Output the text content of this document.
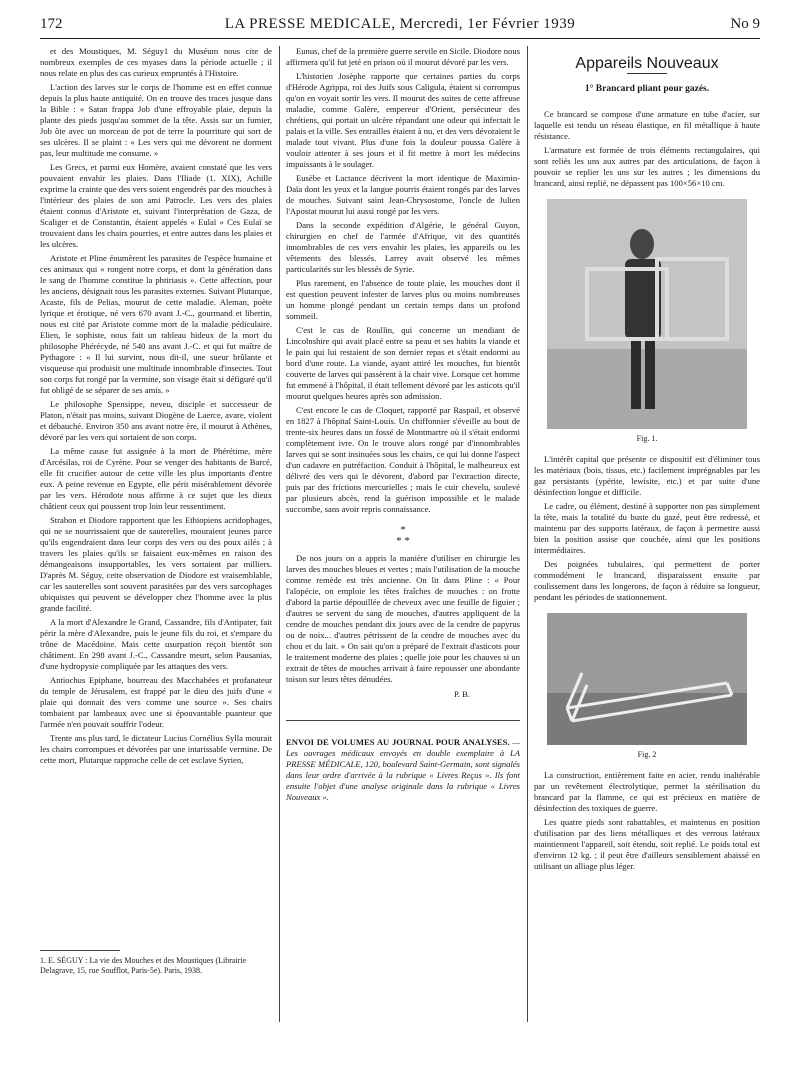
172	LA PRESSE MEDICALE, Mercredi, 1er Février 1939	No 9

et des Moustiques, M. Séguy1 du Muséum nous cite de nombreux exemples de ces myases dans la période actuelle ; il nous relate en plus des cas curieux empruntés à l'Histoire.

L'action des larves sur le corps de l'homme est en effet connue depuis la plus haute antiquité. On en trouve des traces jusque dans la Bible : « Satan frappa Job d'une effroyable plaie, depuis la plante des pieds jusqu'au sommet de la tête. Assis sur un fumier, Job ôte avec un morceau de pot de terre la pourriture qui sort de ses ulcères. Il se plaint : « Les vers qui me dévorent ne dorment pas, leur multitude me consume. »

Les Grecs, et parmi eux Homère, avaient constaté que les vers pouvaient envahir les plaies. Dans l'Iliade (1. XIX), Achille exprime la crainte que des vers soient engendrés par des mouches à l'intérieur des plaies de son ami Patrocle. Les vers des plaies étaient connus d'Aristote et, suivant l'interprétation de Gaza, de Scaliger et de Constantin, étaient appelés « Eulaï » Ces Eulaï se trouvaient dans les chairs pourries, et entre autres dans les plaies et les ulcères.

Aristote et Pline énumèrent les parasites de l'espèce humaine et ces animaux qui « rongent notre corps, et dont la génération dans le sang de l'homme constitue la phtiriasis ». Cette affection, pour les anciens, désignait tous les parasites externes. Suivant Plutarque, Acaste, fils de Pelias, mourut de cette maladie. Aleman, poète lyrique et érotique, né vers 670 avant J.-C., gourmand et libertin, nous est cité par Aristote comme mort de la maladie pédiculaire. Elien, le sophiste, nous fait un tableau hideux de la mort du philosophe Phérécyde, né 540 ans avant J.-C. et qui fut maître de Pythagore : « Il lui survint, nous dit-il, une sueur brûlante et visqueuse qui produisit une multitude innombrable d'insectes. Tout son corps fut rongé par la vermine, son visage était si défiguré qu'il fut obligé de se séparer de ses amis. »

Le philosophe Spensippe, neveu, disciple et successeur de Platon, n'était pas moins, suivant Diogène de Laerce, avare, violent et débauché. Environ 350 ans avant notre ère, il mourut à Athènes, dévoré par les vers qui sortaient de son corps.

La même cause fut assignée à la mort de Phérétime, mère d'Arcésilas, roi de Cyrène. Pour se venger des habitants de Barcé, elle fit crucifier autour de cette ville les plus importants d'entre eux. A peine revenue en Egypte, elle périt misérablement dévorée par les vers. Hérodote nous affirme à ce sujet que les dieux châtient ceux qui poussent trop loin leur ressentiment.

Strabon et Diodore rapportent que les Ethiopiens acridophages, qui ne se nourrissaient que de sauterelles, mouraient jeunes parce qu'ils engendraient dans leur corps des vers ou des poux ailés ; à travers les plaies qu'ils se faisaient eux-mêmes en raison des démangeaisons insupportables, les vers sortaient par milliers. D'après M. Séguy, cette observation de Diodore est vraisemblable, car les sauterelles sont souvent parasitées par des vers sarcophages ubiquistes qui peuvent se développer chez l'homme avec la plus grande facilité.

A la mort d'Alexandre le Grand, Cassandre, fils d'Antipater, fait périr la mère d'Alexandre, puis le jeune fils du roi, et s'empare du trône de Macédoine. Mais cette usurpation reçoit bientôt son châtiment. En 298 avant J.-C., Cassandre meurt, selon Pausanias, d'une hydropysie compliquée par les attaques des vers.

Antiochus Epiphane, bourreau des Macchabées et profanateur du temple de Jérusalem, est frappé par le dieu des juifs d'une « plaie qui donnait des vers comme une source ». Ses chairs tombaient par lambeaux avec une si épouvantable puanteur que l'armée n'en pouvait souffrir l'odeur.

Trente ans plus tard, le dictateur Lucius Cornélius Sylla mourait les chairs corrompues et dévorées par une intarissable vermine. De cette mort, Plutarque rapproche celle de cet esclave Syrien,

1. E. SÉGUY : La vie des Mouches et des Moustiques (Librairie Delagrave, 15, rue Soufflot, Paris-5e). Paris, 1938.

Eunus, chef de la première guerre servile en Sicile. Diodore nous affirmera qu'il fut jeté en prison où il mourut dévoré par les vers.

L'historien Josèphe rapporte que certaines parties du corps d'Hérode Agrippa, roi des Juifs sous Caligula, étaient si corrompus qu'on en voyait sortir les vers. Il mourut des suites de cette affreuse maladie, comme Galère, empereur d'Orient, persécuteur des chrétiens, qui portait un ulcère répandant une odeur qui infectait le palais et la ville. Ses entrailles étaient à nu, et des vers dévoraient le malade tout vivant. Plus d'une fois la douleur poussa Galère à vouloir attenter à ses jours et il fit mettre à mort les médecins impuissants à le soulager.

Eusèbe et Lactance décrivent la mort identique de Maximin-Daïa dont les yeux et la langue pourris étaient rongés par des larves de mouches. Suivant saint Jean-Chrysostome, l'oncle de Julien l'Apostat mourut lui aussi rongé par les vers.

Dans la seconde expédition d'Algérie, le général Guyon, chirurgien en chef de l'armée d'Afrique, vit des quantités innombrables de ces vers envahir les plaies, les appareils ou les vêtements des blessés. Larrey avait observé les mêmes particularités sur les blessés de Syrie.

Plus rarement, en l'absence de toute plaie, les mouches dont il est question peuvent infester de larves plus ou moins nombreuses un homme plongé pendant un certain temps dans un profond sommeil.

C'est le cas de Roullin, qui concerne un mendiant de Lincolnshire qui avait placé entre sa peau et ses habits la viande et le pain qui lui restaient de son dernier repas et s'était endormi au bord d'une route. La viande, ayant attiré les mouches, fut bientôt couverte de larves qui passèrent à la chair vive. Lorsque cet homme fut emmené à l'hôpital, il était tellement dévoré par les asticots qu'il mourut quelques heures après son admission.

C'est encore le cas de Cloquet, rapporté par Raspail, et observé en 1827 à l'hôpital Saint-Louis. Un chiffonnier s'éveille au bout de trente-six heures dans un fossé de Montmartre où il s'était endormi complètement ivre. On le trouve alors rongé par d'innombrables larves qui se sont insinuées sous les chairs, ce qui lui donne l'aspect d'un cadavre en putréfaction. Conduit à l'hôpital, le malheureux est délivré des vers qui le dévorent, d'abord par l'extraction directe, puis par des frictions mercurielles ; mais le cuir chevelu, soulevé par plusieurs abcès, rend la guérison impossible et le malade succombe, sans avoir repris connaissance.

*
* *

De nos jours on a appris la manière d'utiliser en chirurgie les larves des mouches bleues et vertes ; mais l'utilisation de la mouche comme remède est très ancienne. On lit dans Pline : « Pour l'alopécie, on emploie les têtes fraîches de mouches : on frotte d'abord la partie dépouillée de cheveux avec une feuille de figuier ; d'autres se servent du sang de mouches, d'autres appliquent de la cendre de mouches pendant dix jours avec de la cendre de papyrus ou de noix... d'autres pétrissent de la cendre de mouches avec du chou et du lait. » On sait qu'on a préparé de l'extrait d'asticots pour le traitement moderne des plaies ; quelle joie pour les chauves si un extrait de têtes de mouches arrivait à faire repousser une abondante toison sur leurs têtes dénudées.

P. B.
ENVOI DE VOLUMES AU JOURNAL POUR ANALYSES. — Les ouvrages médicaux envoyés en double exemplaire à LA PRESSE MÉDICALE, 120, boulevard Saint-Germain, sont signalés dans leur ordre d'arrivée à la rubrique « Livres Reçus ». Ils font ensuite l'objet d'une analyse originale dans la rubrique « Livres Nouveaux ».
Appareils Nouveaux
1° Brancard pliant pour gazés.

Ce brancard se compose d'une armature en tube d'acier, sur laquelle est tendu un réseau élastique, en fil métallique à haute résistance.

L'armature est formée de trois éléments rectangulaires, qui sont reliés les uns aux autres par des articulations, de façon à pouvoir se replier les uns sur les autres ; les dimensions du brancard, ainsi replié, ne dépassent pas 100×56×10 cm.

Fig. 1.

L'intérêt capital que présente ce dispositif est d'éliminer tous les matériaux (bois, tissus, etc.) facilement imprégnables par les gaz persistants (ypérite, lewisite, etc.) et par suite d'une désinfection longue et difficile.

Le cadre, ou élément, destiné à supporter non pas simplement la tête, mais la totalité du buste du gazé, peut être redressé, et maintenu par des supports latéraux, de façon à permettre aussi bien la position assise que couchée, ainsi que les positions intermédiaires.

Des poignées tubulaires, qui permettent de porter commodément le brancard, disparaissent ensuite par coulissement dans les longerons, de façon à réduire sa longueur, pendant les périodes de stationnement.

Fig. 2

La construction, entièrement faite en acier, rendu inaltérable par un revêtement électrolytique, permet la stérilisation du brancard par la flamme, ce qui est précieux en matière de désinfection des toxiques de guerre.

Les quatre pieds sont rabattables, et maintenus en position d'utilisation par des liens métalliques et des verrous latéraux maintiennent l'appareil, soit étendu, soit replié. Le poids total est d'environ 12 kg. ; il peut être d'ailleurs sensiblement abaissé en utilisant un alliage plus léger.
